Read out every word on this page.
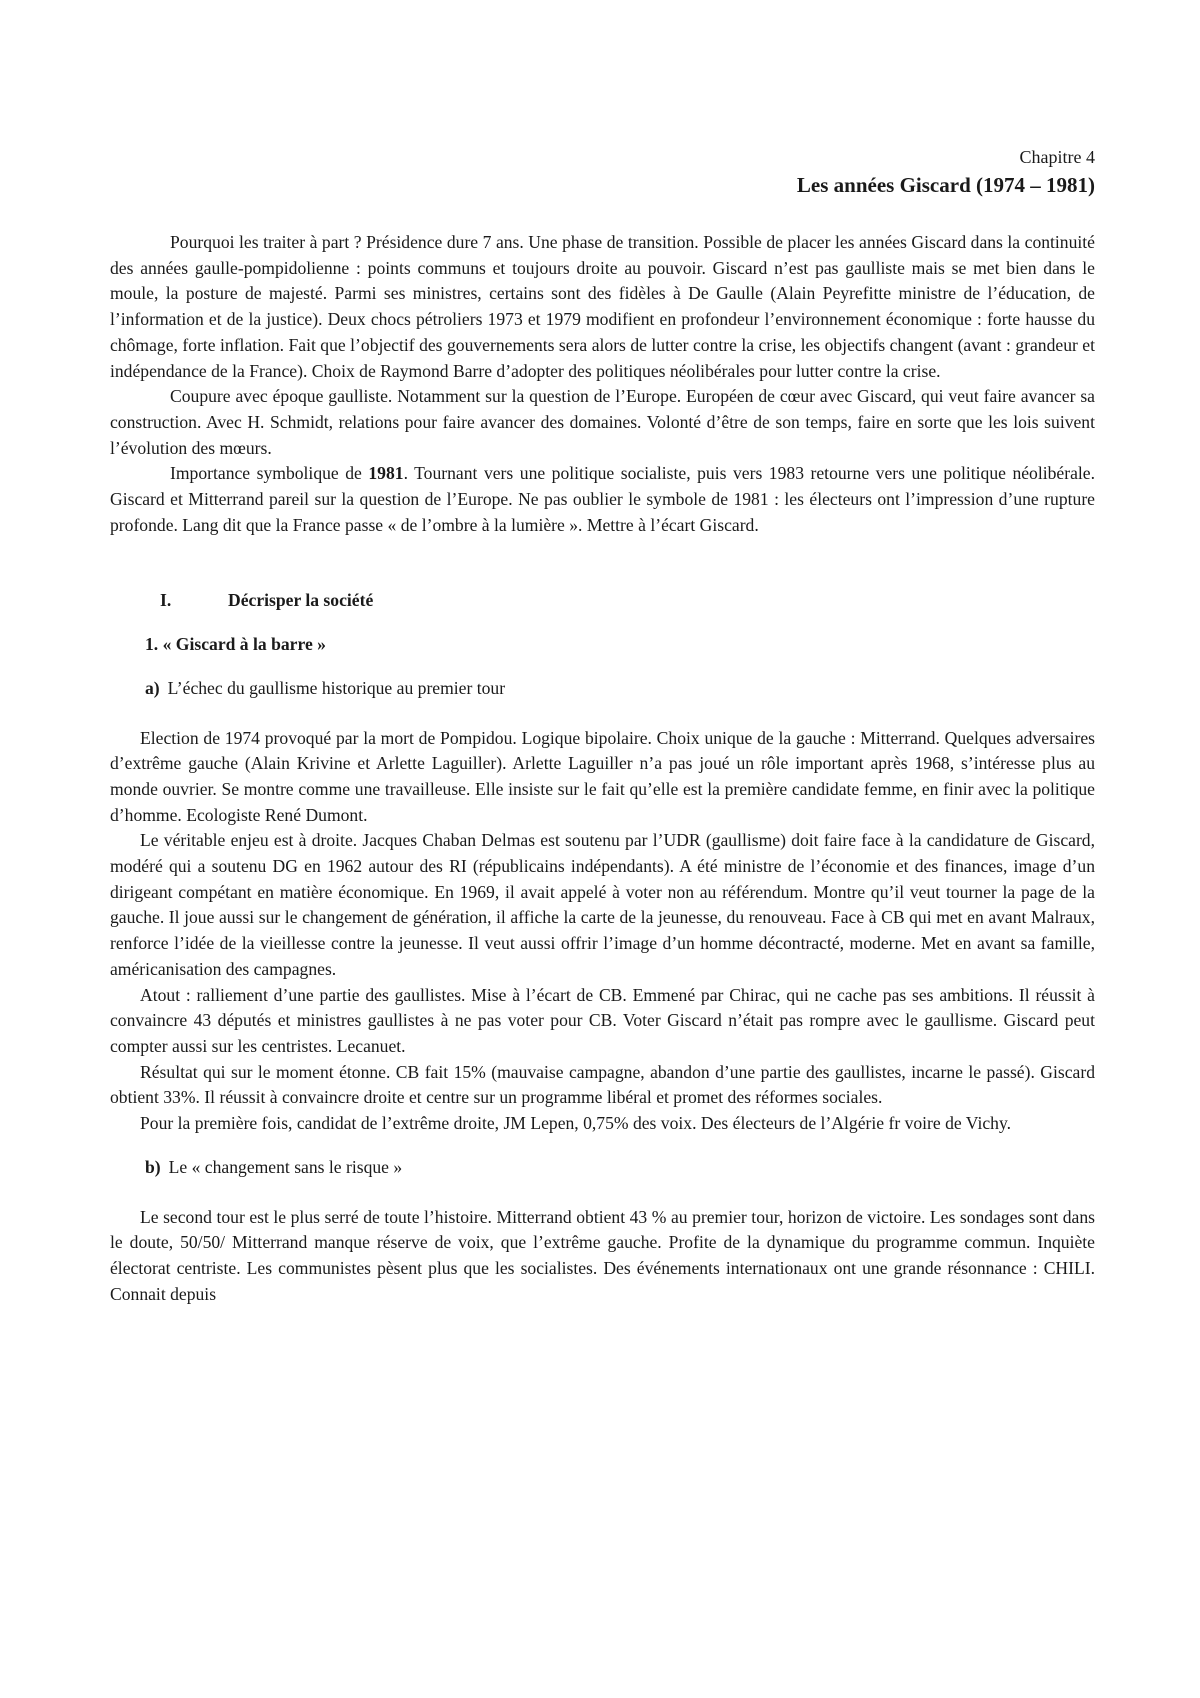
Chapitre 4
Les années Giscard (1974 – 1981)

Pourquoi les traiter à part ? Présidence dure 7 ans. Une phase de transition. Possible de placer les années Giscard dans la continuité des années gaulle-pompidolienne : points communs et toujours droite au pouvoir. Giscard n’est pas gaulliste mais se met bien dans le moule, la posture de majesté. Parmi ses ministres, certains sont des fidèles à De Gaulle (Alain Peyrefitte ministre de l’éducation, de l’information et de la justice). Deux chocs pétroliers 1973 et 1979 modifient en profondeur l’environnement économique : forte hausse du chômage, forte inflation. Fait que l’objectif des gouvernements sera alors de lutter contre la crise, les objectifs changent (avant : grandeur et indépendance de la France). Choix de Raymond Barre d’adopter des politiques néolibérales pour lutter contre la crise.

Coupure avec époque gaulliste. Notamment sur la question de l’Europe. Européen de cœur avec Giscard, qui veut faire avancer sa construction. Avec H. Schmidt, relations pour faire avancer des domaines. Volonté d’être de son temps, faire en sorte que les lois suivent l’évolution des mœurs.

Importance symbolique de 1981. Tournant vers une politique socialiste, puis vers 1983 retourne vers une politique néolibérale. Giscard et Mitterrand pareil sur la question de l’Europe. Ne pas oublier le symbole de 1981 : les électeurs ont l’impression d’une rupture profonde. Lang dit que la France passe « de l’ombre à la lumière ». Mettre à l’écart Giscard.

I.	Décrisper la société
1. « Giscard à la barre »
a) L’échec du gaullisme historique au premier tour

Election de 1974 provoqué par la mort de Pompidou. Logique bipolaire. Choix unique de la gauche : Mitterrand. Quelques adversaires d’extrême gauche (Alain Krivine et Arlette Laguiller). Arlette Laguiller n’a pas joué un rôle important après 1968, s’intéresse plus au monde ouvrier. Se montre comme une travailleuse. Elle insiste sur le fait qu’elle est la première candidate femme, en finir avec la politique d’homme. Ecologiste René Dumont.

Le véritable enjeu est à droite. Jacques Chaban Delmas est soutenu par l’UDR (gaullisme) doit faire face à la candidature de Giscard, modéré qui a soutenu DG en 1962 autour des RI (républicains indépendants). A été ministre de l’économie et des finances, image d’un dirigeant compétant en matière économique. En 1969, il avait appelé à voter non au référendum. Montre qu’il veut tourner la page de la gauche. Il joue aussi sur le changement de génération, il affiche la carte de la jeunesse, du renouveau. Face à CB qui met en avant Malraux, renforce l’idée de la vieillesse contre la jeunesse. Il veut aussi offrir l’image d’un homme décontracté, moderne. Met en avant sa famille, américanisation des campagnes.

Atout : ralliement d’une partie des gaullistes. Mise à l’écart de CB. Emmené par Chirac, qui ne cache pas ses ambitions. Il réussit à convaincre 43 députés et ministres gaullistes à ne pas voter pour CB. Voter Giscard n’était pas rompre avec le gaullisme. Giscard peut compter aussi sur les centristes. Lecanuet.

Résultat qui sur le moment étonne. CB fait 15% (mauvaise campagne, abandon d’une partie des gaullistes, incarne le passé). Giscard obtient 33%. Il réussit à convaincre droite et centre sur un programme libéral et promet des réformes sociales.

Pour la première fois, candidat de l’extrême droite, JM Lepen, 0,75% des voix. Des électeurs de l’Algérie fr voire de Vichy.

b) Le « changement sans le risque »

Le second tour est le plus serré de toute l’histoire. Mitterrand obtient 43 % au premier tour, horizon de victoire. Les sondages sont dans le doute, 50/50/ Mitterrand manque réserve de voix, que l’extrême gauche. Profite de la dynamique du programme commun. Inquiète électorat centriste. Les communistes pèsent plus que les socialistes. Des événements internationaux ont une grande résonnance : CHILI. Connait depuis
